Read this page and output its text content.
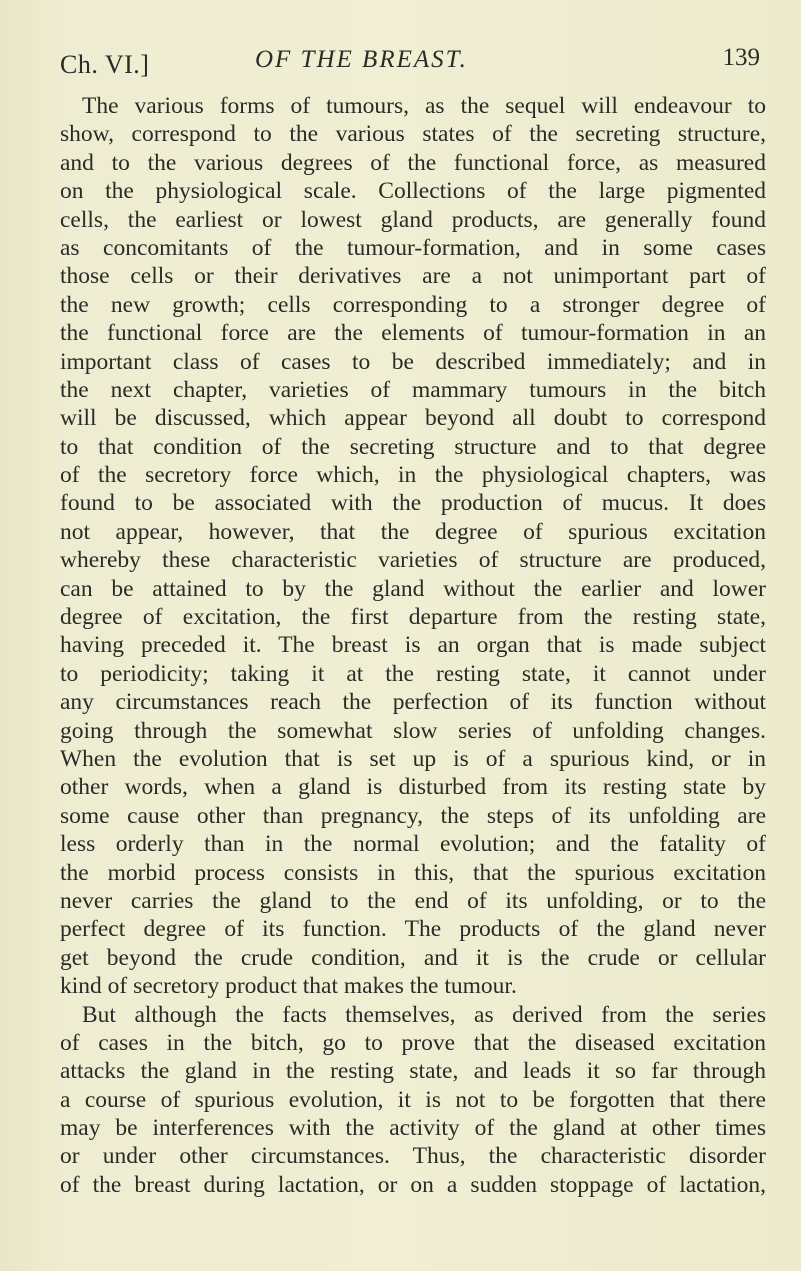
Ch. VI.]	OF THE BREAST.	139
The various forms of tumours, as the sequel will endeavour to
show, correspond to the various states of the secreting structure,
and to the various degrees of the functional force, as measured
on the physiological scale. Collections of the large pigmented
cells, the earliest or lowest gland products, are generally found
as concomitants of the tumour-formation, and in some cases
those cells or their derivatives are a not unimportant part of
the new growth; cells corresponding to a stronger degree of
the functional force are the elements of tumour-formation in an
important class of cases to be described immediately; and in
the next chapter, varieties of mammary tumours in the bitch
will be discussed, which appear beyond all doubt to correspond
to that condition of the secreting structure and to that degree
of the secretory force which, in the physiological chapters, was
found to be associated with the production of mucus. It does
not appear, however, that the degree of spurious excitation
whereby these characteristic varieties of structure are produced,
can be attained to by the gland without the earlier and lower
degree of excitation, the first departure from the resting state,
having preceded it. The breast is an organ that is made subject
to periodicity; taking it at the resting state, it cannot under
any circumstances reach the perfection of its function without
going through the somewhat slow series of unfolding changes.
When the evolution that is set up is of a spurious kind, or in
other words, when a gland is disturbed from its resting state by
some cause other than pregnancy, the steps of its unfolding are
less orderly than in the normal evolution; and the fatality of
the morbid process consists in this, that the spurious excitation
never carries the gland to the end of its unfolding, or to the
perfect degree of its function. The products of the gland never
get beyond the crude condition, and it is the crude or cellular
kind of secretory product that makes the tumour.
But although the facts themselves, as derived from the series
of cases in the bitch, go to prove that the diseased excitation
attacks the gland in the resting state, and leads it so far through
a course of spurious evolution, it is not to be forgotten that there
may be interferences with the activity of the gland at other times
or under other circumstances. Thus, the characteristic disorder
of the breast during lactation, or on a sudden stoppage of lactation,
